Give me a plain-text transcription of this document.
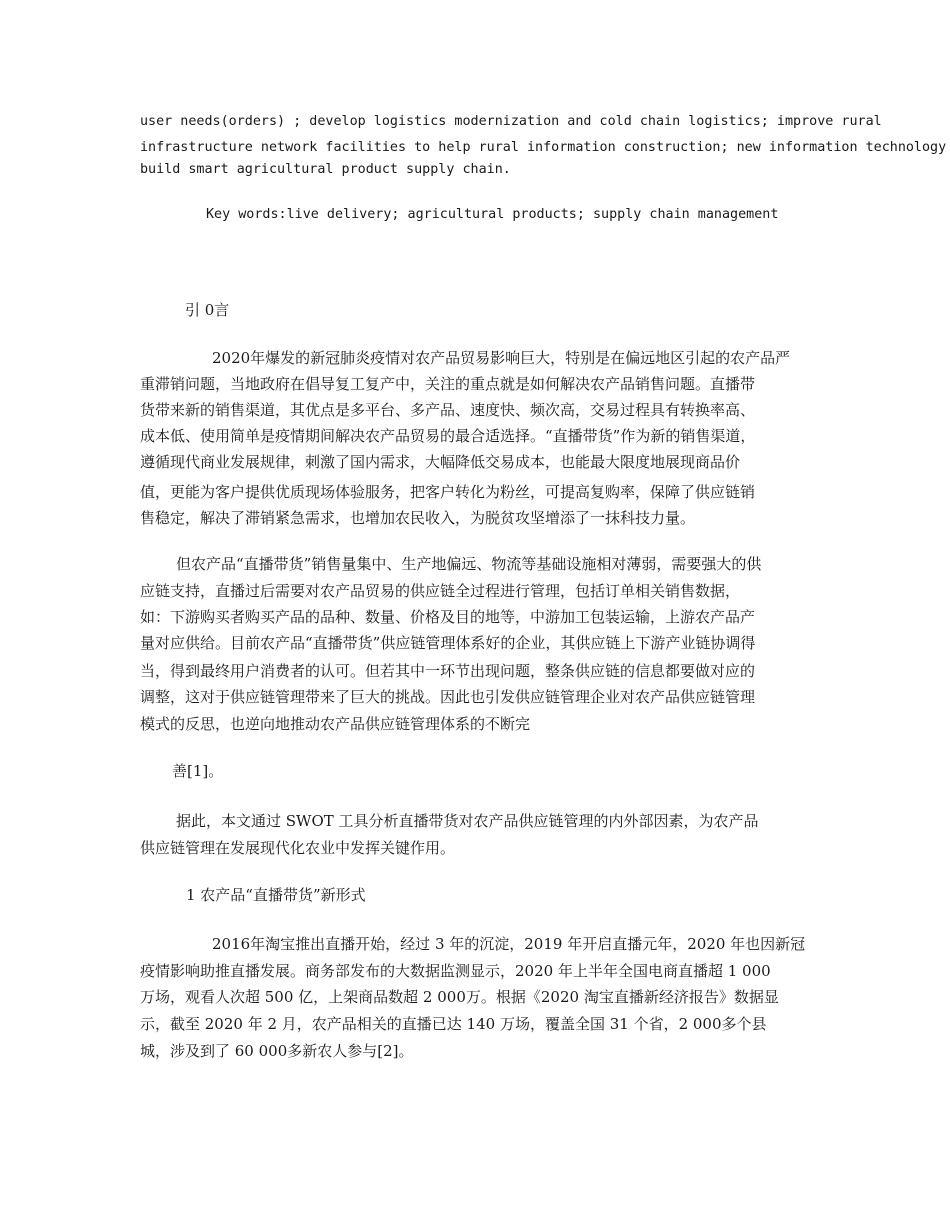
user needs(orders) ; develop logistics modernization and cold chain logistics; improve rural
infrastructure network facilities to help rural information construction; new information technology
build smart agricultural product supply chain.
Key words:live delivery; agricultural products; supply chain management
引 0言
2020年爆发的新冠肺炎疫情对农产品贸易影响巨大，特别是在偏远地区引起的农产品严
重滞销问题，当地政府在倡导复工复产中，关注的重点就是如何解决农产品销售问题。直播带
货带来新的销售渠道，其优点是多平台、多产品、速度快、频次高，交易过程具有转换率高、
成本低、使用简单是疫情期间解决农产品贸易的最合适选择。“直播带货”作为新的销售渠道，
遵循现代商业发展规律，刺激了国内需求，大幅降低交易成本，也能最大限度地展现商品价
值，更能为客户提供优质现场体验服务，把客户转化为粉丝，可提高复购率，保障了供应链销
售稳定，解决了滞销紧急需求，也增加农民收入，为脱贫攻坚增添了一抹科技力量。
但农产品“直播带货”销售量集中、生产地偏远、物流等基础设施相对薄弱，需要强大的供
应链支持，直播过后需要对农产品贸易的供应链全过程进行管理，包括订单相关销售数据，
如：下游购买者购买产品的品种、数量、价格及目的地等，中游加工包装运输，上游农产品产
量对应供给。目前农产品“直播带货”供应链管理体系好的企业，其供应链上下游产业链协调得
当，得到最终用户消费者的认可。但若其中一环节出现问题，整条供应链的信息都要做对应的
调整，这对于供应链管理带来了巨大的挑战。因此也引发供应链管理企业对农产品供应链管理
模式的反思，也逆向地推动农产品供应链管理体系的不断完
善[1]。
据此，本文通过 SWOT 工具分析直播带货对农产品供应链管理的内外部因素，为农产品
供应链管理在发展现代化农业中发挥关键作用。
1 农产品“直播带货”新形式
2016年淘宝推出直播开始，经过 3 年的沉淀，2019 年开启直播元年，2020 年也因新冠
疫情影响助推直播发展。商务部发布的大数据监测显示，2020 年上半年全国电商直播超 1 000
万场，观看人次超 500 亿，上架商品数超 2 000万。根据《2020 淘宝直播新经济报告》数据显
示，截至 2020 年 2 月，农产品相关的直播已达 140 万场，覆盖全国 31 个省，2 000多个县
城，涉及到了 60 000多新农人参与[2]。
